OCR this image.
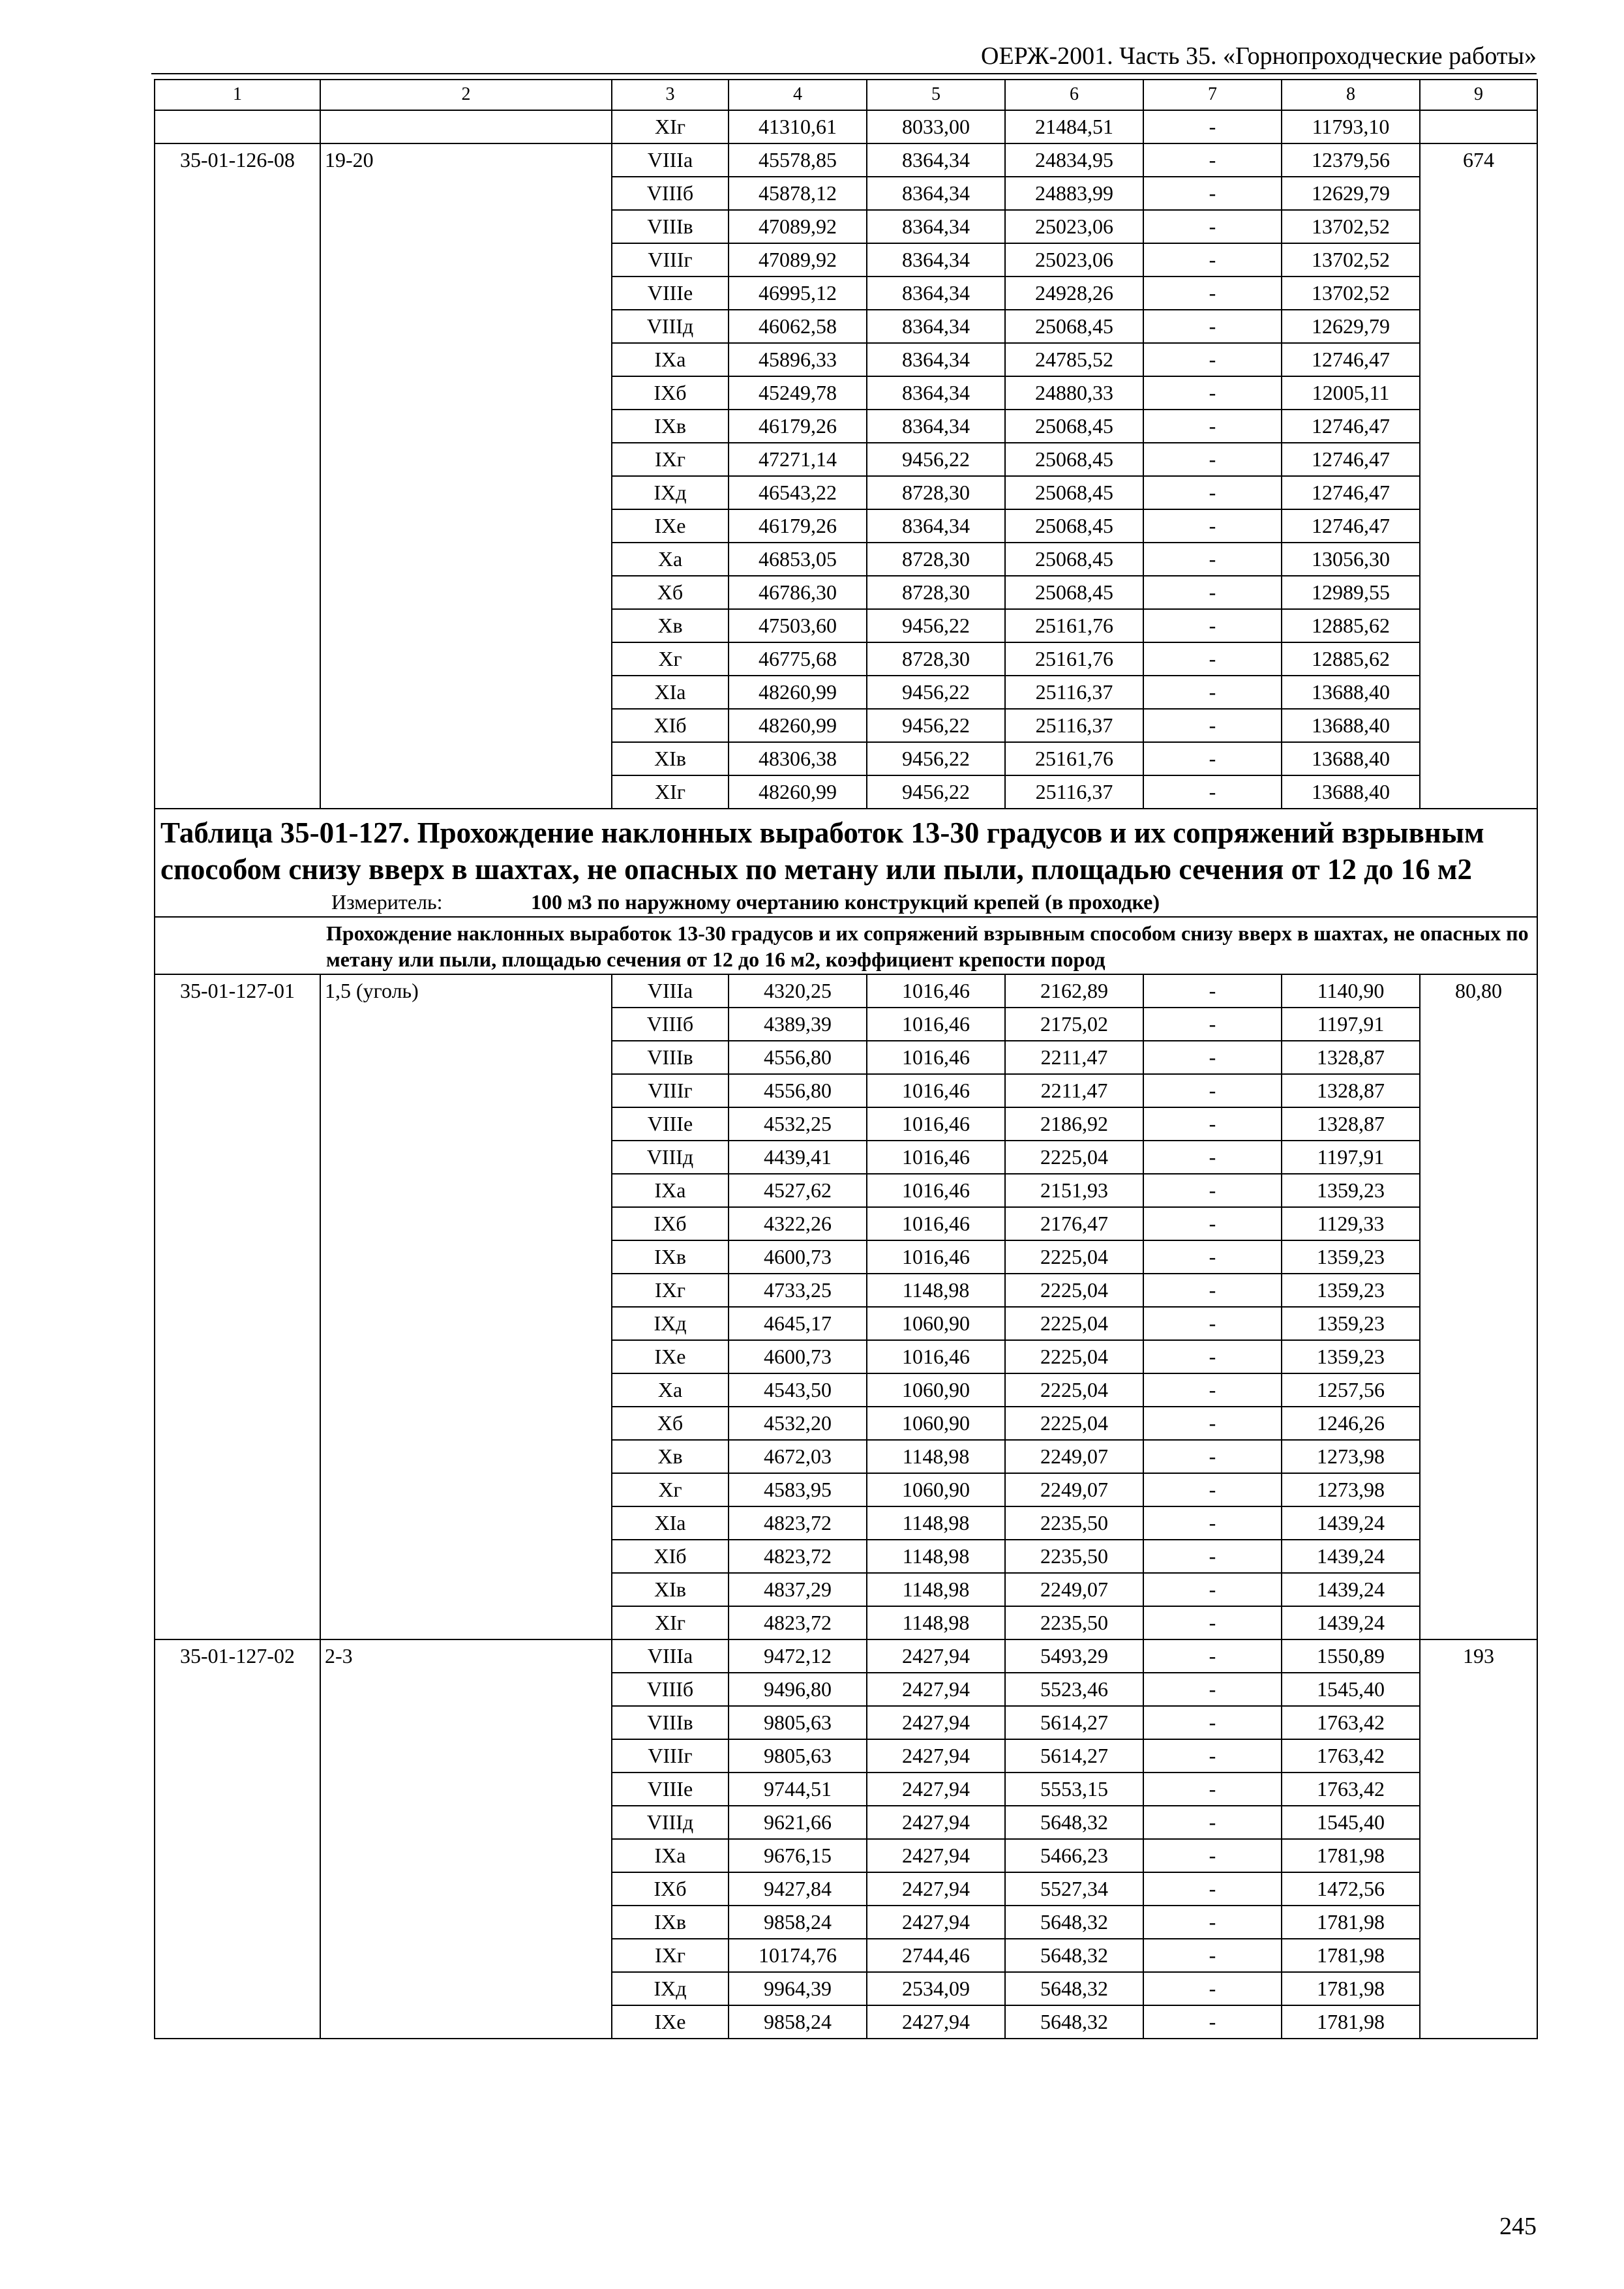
ОЕРЖ-2001. Часть 35. «Горнопроходческие работы»
1	2	3	4	5	6	7	8	9
		XIг	41310,61	8033,00	21484,51	-	11793,10	
35-01-126-08	19-20	VIIIа	45578,85	8364,34	24834,95	-	12379,56	674
		VIIIб	45878,12	8364,34	24883,99	-	12629,79	
		VIIIв	47089,92	8364,34	25023,06	-	13702,52	
		VIIIг	47089,92	8364,34	25023,06	-	13702,52	
		VIIIе	46995,12	8364,34	24928,26	-	13702,52	
		VIIIд	46062,58	8364,34	25068,45	-	12629,79	
		IXа	45896,33	8364,34	24785,52	-	12746,47	
		IXб	45249,78	8364,34	24880,33	-	12005,11	
		IXв	46179,26	8364,34	25068,45	-	12746,47	
		IXг	47271,14	9456,22	25068,45	-	12746,47	
		IXд	46543,22	8728,30	25068,45	-	12746,47	
		IXе	46179,26	8364,34	25068,45	-	12746,47	
		Xа	46853,05	8728,30	25068,45	-	13056,30	
		Xб	46786,30	8728,30	25068,45	-	12989,55	
		Xв	47503,60	9456,22	25161,76	-	12885,62	
		Xг	46775,68	8728,30	25161,76	-	12885,62	
		XIа	48260,99	9456,22	25116,37	-	13688,40	
		XIб	48260,99	9456,22	25116,37	-	13688,40	
		XIв	48306,38	9456,22	25161,76	-	13688,40	
		XIг	48260,99	9456,22	25116,37	-	13688,40	

Таблица 35-01-127. Прохождение наклонных выработок 13-30 градусов и их сопряжений взрывным способом снизу вверх в шахтах, не опасных по метану или пыли, площадью сечения от 12 до 16 м2
Измеритель: 100 м3 по наружному очертанию конструкций крепей (в проходке)								

Прохождение наклонных выработок 13-30 градусов и их сопряжений взрывным способом снизу вверх в шахтах, не опасных по метану или пыли, площадью сечения от 12 до 16 м2, коэффициент крепости пород								
35-01-127-01	1,5 (уголь)	VIIIа	4320,25	1016,46	2162,89	-	1140,90	80,80
		VIIIб	4389,39	1016,46	2175,02	-	1197,91	
		VIIIв	4556,80	1016,46	2211,47	-	1328,87	
		VIIIг	4556,80	1016,46	2211,47	-	1328,87	
		VIIIе	4532,25	1016,46	2186,92	-	1328,87	
		VIIIд	4439,41	1016,46	2225,04	-	1197,91	
		IXа	4527,62	1016,46	2151,93	-	1359,23	
		IXб	4322,26	1016,46	2176,47	-	1129,33	
		IXв	4600,73	1016,46	2225,04	-	1359,23	
		IXг	4733,25	1148,98	2225,04	-	1359,23	
		IXд	4645,17	1060,90	2225,04	-	1359,23	
		IXе	4600,73	1016,46	2225,04	-	1359,23	
		Xа	4543,50	1060,90	2225,04	-	1257,56	
		Xб	4532,20	1060,90	2225,04	-	1246,26	
		Xв	4672,03	1148,98	2249,07	-	1273,98	
		Xг	4583,95	1060,90	2249,07	-	1273,98	
		XIа	4823,72	1148,98	2235,50	-	1439,24	
		XIб	4823,72	1148,98	2235,50	-	1439,24	
		XIв	4837,29	1148,98	2249,07	-	1439,24	
		XIг	4823,72	1148,98	2235,50	-	1439,24	
35-01-127-02	2-3	VIIIа	9472,12	2427,94	5493,29	-	1550,89	193
		VIIIб	9496,80	2427,94	5523,46	-	1545,40	
		VIIIв	9805,63	2427,94	5614,27	-	1763,42	
		VIIIг	9805,63	2427,94	5614,27	-	1763,42	
		VIIIе	9744,51	2427,94	5553,15	-	1763,42	
		VIIIд	9621,66	2427,94	5648,32	-	1545,40	
		IXа	9676,15	2427,94	5466,23	-	1781,98	
		IXб	9427,84	2427,94	5527,34	-	1472,56	
		IXв	9858,24	2427,94	5648,32	-	1781,98	
		IXг	10174,76	2744,46	5648,32	-	1781,98	
		IXд	9964,39	2534,09	5648,32	-	1781,98	
		IXе	9858,24	2427,94	5648,32	-	1781,98	
245
